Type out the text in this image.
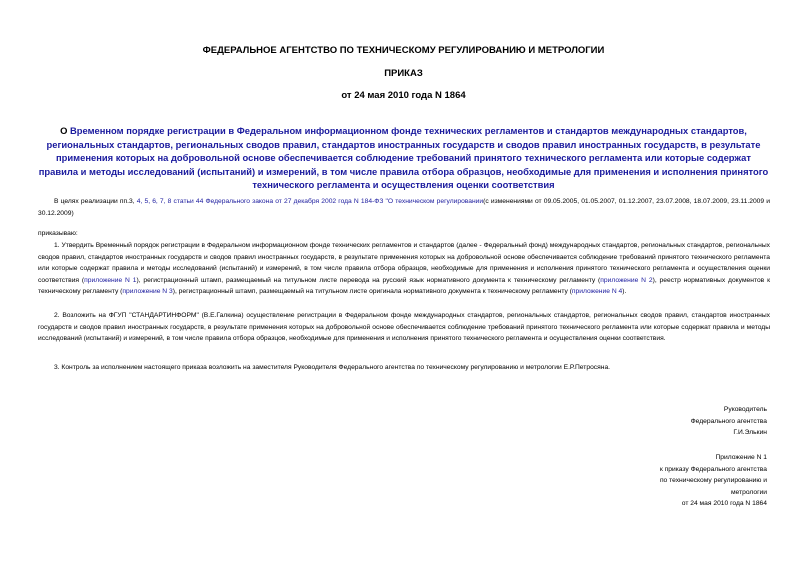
ФЕДЕРАЛЬНОЕ АГЕНТСТВО ПО ТЕХНИЧЕСКОМУ РЕГУЛИРОВАНИЮ И МЕТРОЛОГИИ
ПРИКАЗ
от 24 мая 2010 года N 1864
О Временном порядке регистрации в Федеральном информационном фонде технических регламентов и стандартов международных стандартов, региональных стандартов, региональных сводов правил, стандартов иностранных государств и сводов правил иностранных государств, в результате применения которых на добровольной основе обеспечивается соблюдение требований принятого технического регламента или которые содержат правила и методы исследований (испытаний) и измерений, в том числе правила отбора образцов, необходимые для применения и исполнения принятого технического регламента и осуществления оценки соответствия
В целях реализации пп.3, 4, 5, 6, 7, 8 статьи 44 Федерального закона от 27 декабря 2002 года N 184-ФЗ "О техническом регулировании(с изменениями от 09.05.2005, 01.05.2007, 01.12.2007, 23.07.2008, 18.07.2009, 23.11.2009 и 30.12.2009)
приказываю:
1. Утвердить Временный порядок регистрации в Федеральном информационном фонде технических регламентов и стандартов (далее - Федеральный фонд) международных стандартов, региональных стандартов, региональных сводов правил, стандартов иностранных государств и сводов правил иностранных государств, в результате применения которых на добровольной основе обеспечивается соблюдение требований принятого технического регламента или которые содержат правила и методы исследований (испытаний) и измерений, в том числе правила отбора образцов, необходимые для применения и исполнения принятого технического регламента и осуществления оценки соответствия (приложение N 1), регистрационный штамп, размещаемый на титульном листе перевода на русский язык нормативного документа к техническому регламенту (приложение N 2), реестр нормативных документов к техническому регламенту (приложение N 3), регистрационный штамп, размещаемый на титульном листе оригинала нормативного документа к техническому регламенту (приложение N 4).
2. Возложить на ФГУП "СТАНДАРТИНФОРМ" (В.Е.Галкина) осуществление регистрации в Федеральном фонде международных стандартов, региональных стандартов, региональных сводов правил, стандартов иностранных государств и сводов правил иностранных государств, в результате применения которых на добровольной основе обеспечивается соблюдение требований принятого технического регламента или которые содержат правила и методы исследований (испытаний) и измерений, в том числе правила отбора образцов, необходимые для применения и исполнения принятого технического регламента и осуществления оценки соответствия.
3. Контроль за исполнением настоящего приказа возложить на заместителя Руководителя Федерального агентства по техническому регулированию и метрологии Е.Р.Петросяна.
Руководитель
Федерального агентства
Г.И.Элькин
Приложение N 1
к приказу Федерального агентства
по техническому регулированию и
метрологии
от 24 мая 2010 года N 1864
